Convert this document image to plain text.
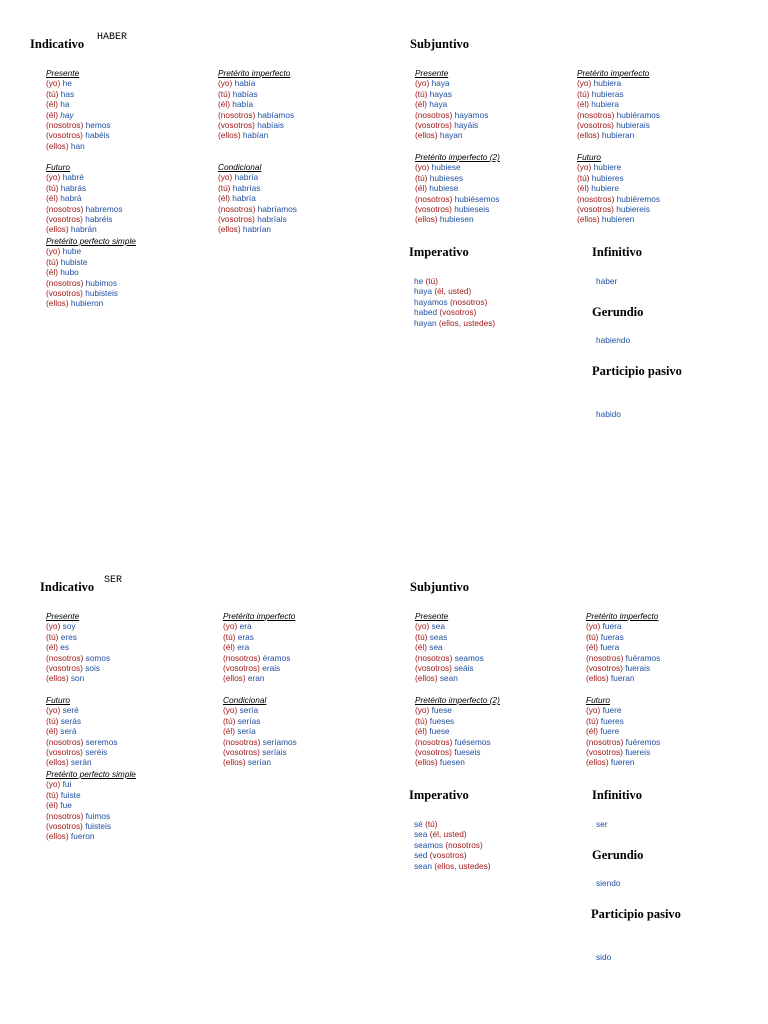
Indicativo HABER
Presente
(yo) he
(tú) has
(él) ha
(él) hay
(nosotros) hemos
(vosotros) habéis
(ellos) han
Futuro
(yo) habré
(tú) habrás
(él) habrá
(nosotros) habremos
(vosotros) habréis
(ellos) habrán
Pretérito perfecto simple
(yo) hube
(tú) hubiste
(él) hubo
(nosotros) hubimos
(vosotros) hubisteis
(ellos) hubieron
Pretérito imperfecto
(yo) había
(tú) habías
(él) había
(nosotros) habíamos
(vosotros) habíais
(ellos) habían
Condicional
(yo) habría
(tú) habrías
(él) habría
(nosotros) habríamos
(vosotros) habríais
(ellos) habrían
Subjuntivo
Presente
(yo) haya
(tú) hayas
(él) haya
(nosotros) hayamos
(vosotros) hayáis
(ellos) hayan
Pretérito imperfecto (2)
(yo) hubiese
(tú) hubieses
(él) hubiese
(nosotros) hubiésemos
(vosotros) hubieseis
(ellos) hubiesen
Pretérito imperfecto
(yo) hubiera
(tú) hubieras
(él) hubiera
(nosotros) hubiéramos
(vosotros) hubierais
(ellos) hubieran
Futuro
(yo) hubiere
(tú) hubieres
(él) hubiere
(nosotros) hubiéremos
(vosotros) hubiereis
(ellos) hubieren
Imperativo
he (tú)
haya (él, usted)
hayamos (nosotros)
habed (vosotros)
hayan (ellos, ustedes)
Infinitivo
haber
Gerundio
habiendo
Participio pasivo
habido
Indicativo SER
Presente
(yo) soy
(tú) eres
(él) es
(nosotros) somos
(vosotros) sois
(ellos) son
Futuro
(yo) seré
(tú) serás
(él) será
(nosotros) seremos
(vosotros) seréis
(ellos) serán
Pretérito perfecto simple
(yo) fui
(tú) fuiste
(él) fue
(nosotros) fuimos
(vosotros) fuisteis
(ellos) fueron
Pretérito imperfecto
(yo) era
(tú) eras
(él) era
(nosotros) éramos
(vosotros) erais
(ellos) eran
Condicional
(yo) sería
(tú) serías
(él) sería
(nosotros) seríamos
(vosotros) seríais
(ellos) serían
Subjuntivo
Presente
(yo) sea
(tú) seas
(él) sea
(nosotros) seamos
(vosotros) seáis
(ellos) sean
Pretérito imperfecto (2)
(yo) fuese
(tú) fueses
(él) fuese
(nosotros) fuésemos
(vosotros) fueseis
(ellos) fuesen
Pretérito imperfecto
(yo) fuera
(tú) fueras
(él) fuera
(nosotros) fuéramos
(vosotros) fuerais
(ellos) fueran
Futuro
(yo) fuere
(tú) fueres
(él) fuere
(nosotros) fuéremos
(vosotros) fuereis
(ellos) fueren
Imperativo
sé (tú)
sea (él, usted)
seamos (nosotros)
sed (vosotros)
sean (ellos, ustedes)
Infinitivo
ser
Gerundio
siendo
Participio pasivo
sido
